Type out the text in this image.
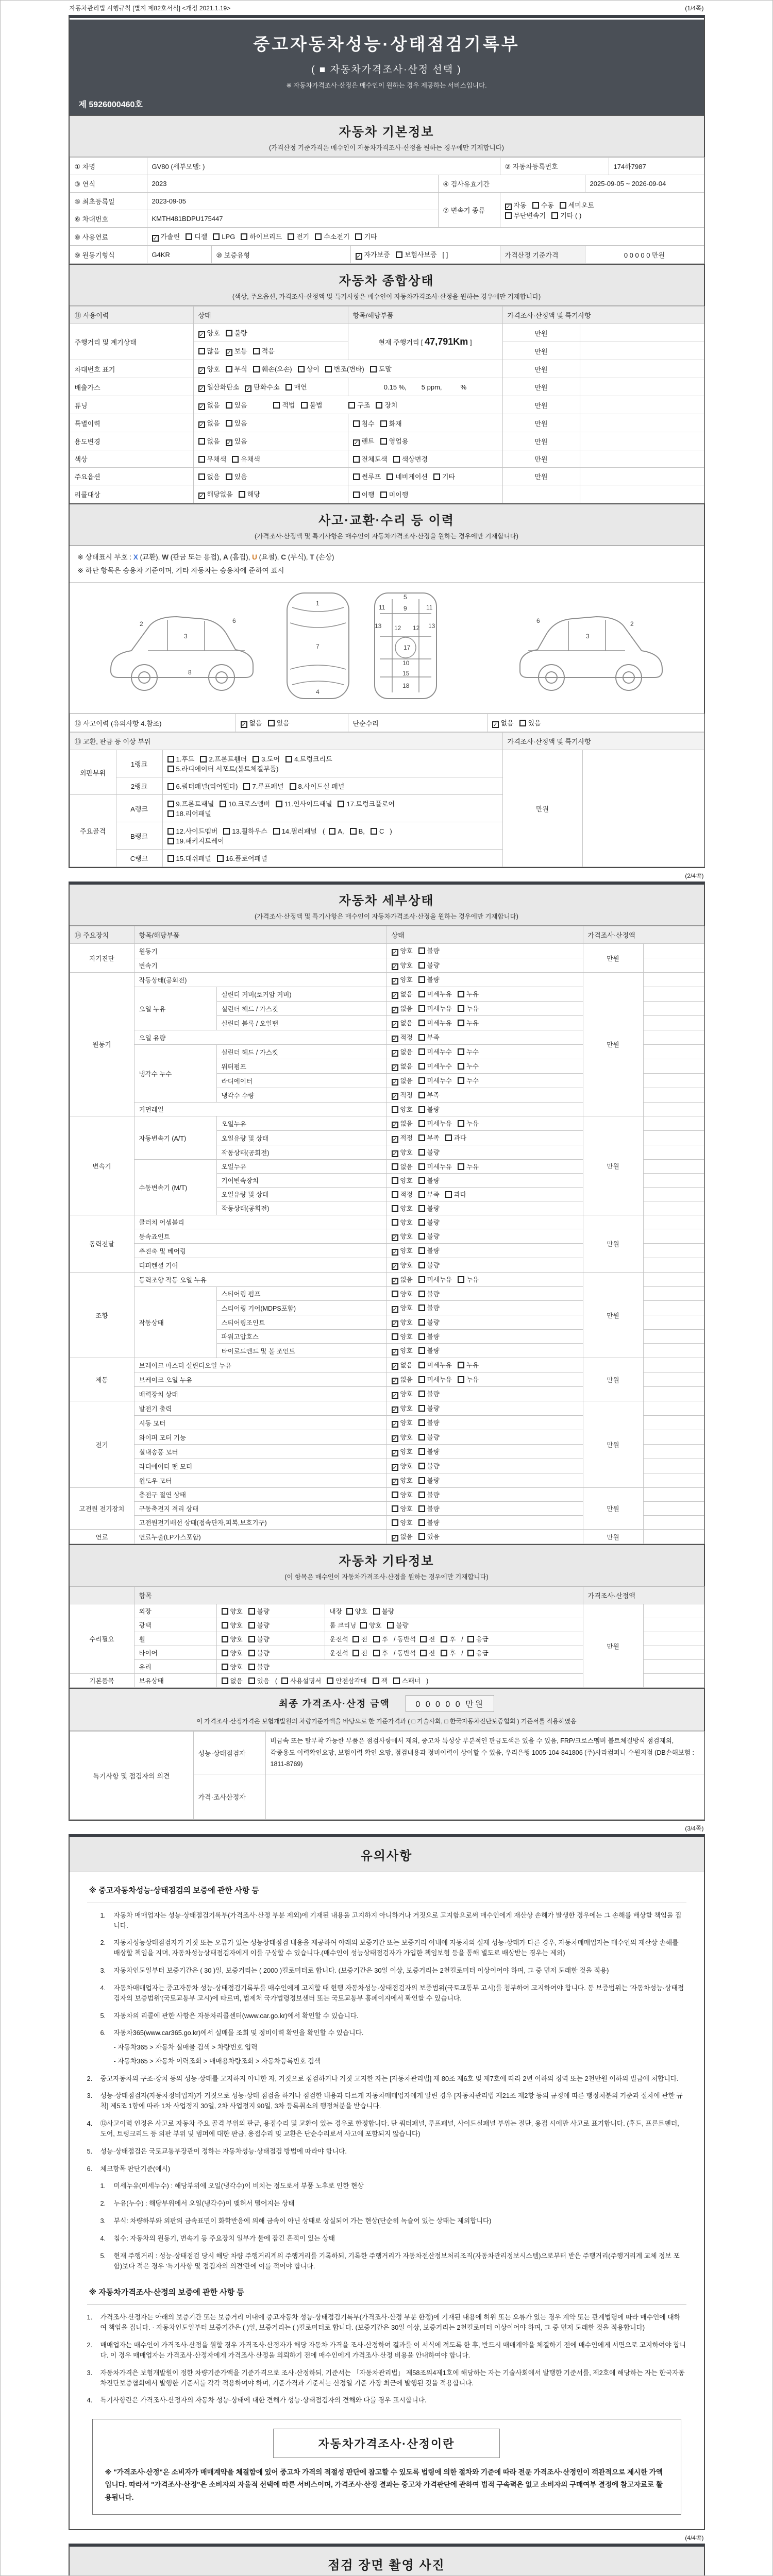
자동차관리법 시행규칙 [별지 제82호서식] <개정 2021.1.19>	(1/4쪽)
중고자동차성능·상태점검기록부
( ■ 자동차가격조사·산정 선택 )
※ 자동차가격조사·산정은 매수인이 원하는 경우 제공하는 서비스입니다.
제 5926000460호
자동차 기본정보
(가격산정 기준가격은 매수인이 자동차가격조사·산정을 원하는 경우에만 기재합니다)
① 차명	GV80 (세부모델: )				② 자동차등록번호		174하7987
③ 연식	2023			④ 검사유효기간		2025-09-05 ~ 2026-09-04	
⑤ 최초등록일	2023-09-05			⑦ 변속기 종류	✓자동 수동 세미오토
무단변속기 기타 ( )
⑥ 차대번호	KMTH481BDPU175447						
⑧ 사용연료	✓가솔린 디젤 LPG 하이브리드 전기 수소전기 기타
⑨ 원동기형식	G4KR	⑩ 보증유형	✓자가보증 보험사보증 [ ]		가격산정 기준가격	0 0 0 0 0 만원	
자동차 종합상태
(색상, 주요옵션, 가격조사·산정액 및 특기사항은 매수인이 자동차가격조사·산정을 원하는 경우에만 기재합니다)
⑪ 사용이력	상태	항목/해당부품	가격조사·산정액 및 특기사항	
주행거리 및 계기상태	✓양호 불량	현재 주행거리 [ 47,791Km ]	만원	
	많음 ✓ 보통 적음		만원	
차대번호 표기	✓양호 부식 훼손(오손) 상이 변조(변타) 도말		만원	
배출가스	✓일산화탄소 ✓ 탄화수소 매연	0.15 %,        5 ppm,          %	만원	
튜닝	✓없음 있음 적법 불법 구조 장치		만원	
특별이력	✓없음 있음	침수 화재	만원	
용도변경	없음 ✓ 있음	✓렌트 영업용	만원	
색상	무채색 유채색	전체도색 색상변경	만원	
주요옵션	없음 있음	썬루프 네비게이션 기타	만원	
리콜대상	✓해당없음 해당	이행 미이행		
사고·교환·수리 등 이력
(가격조사·산정액 및 특기사항은 매수인이 자동차가격조사·산정을 원하는 경우에만 기재합니다)
※ 상태표시 부호 : X (교환), W (판금 또는 용접), A (흠집), U (요철), C (부식), T (손상)
※ 하단 항목은 승용차 기준이며, 기타 자동차는 승용차에 준하여 표시
2
3
6
8
1
7
4
5
11	11
9
13	13
12 12
17
10
15
18
2
3
6
⑫ 사고이력 (유의사항 4.참조)	✓없음 있음	단순수리	✓없음 있음
⑬ 교환, 판금 등 이상 부위			가격조사·산정액 및 특기사항	
외판부위	1랭크	1.후드 2.프론트휀더 3.도어 4.트렁크리드
5.라디에이터 서포트(볼트체결부품)	만원	
	2랭크	6.쿼터패널(리어휀다) 7.루프패널 8.사이드실 패널		
주요골격	A랭크	9.프론트패널 10.크로스멤버 11.인사이드패널 17.트렁크플로어
18.리어패널		
	B랭크	12.사이드멤버 13.휠하우스 14.필러패널 ( A, B, C )
19.패키지트레이		
	C랭크	15.대쉬패널 16.플로어패널		
(2/4쪽)
자동차 세부상태
(가격조사·산정액 및 특기사항은 매수인이 자동차가격조사·산정을 원하는 경우에만 기재합니다)
⑭ 주요장치	항목/해당부품		상태	가격조사·산정액	
자기진단	원동기	✓양호 불량	만원	
	변속기	✓양호 불량	
원동기	작동상태(공회전)	✓양호 불량	만원	
	오일 누유	실린더 커버(로커암 커버)	✓없음 미세누유 누유	
		실린더 헤드 / 가스킷	✓없음 미세누유 누유	
		실린더 블록 / 오일팬	✓없음 미세누유 누유	
	오일 유량	✓적정 부족	
	냉각수 누수	실린더 헤드 / 가스킷	✓없음 미세누수 누수	
		워터펌프	✓없음 미세누수 누수	
		라디에이터	✓없음 미세누수 누수	
		냉각수 수량	✓적정 부족	
	커먼레일		양호 불량		
변속기	자동변속기 (A/T)	오일누유	✓없음 미세누유 누유	만원	
		오일유량 및 상태	✓적정 부족 과다	
		작동상태(공회전)	✓양호 불량	
	수동변속기 (M/T)	오일누유	없음 미세누유 누유		
		기어변속장치	양호 불량		
		오일유량 및 상태	적정 부족 과다		
		작동상태(공회전)	양호 불량		
동력전달	클러치 어셈블리		양호 불량	만원	
	등속죠인트	✓양호 불량	
	추진축 및 베어링	✓양호 불량	
	디퍼렌셜 기어	✓양호 불량	
조향	동력조향 작동 오일 누유	✓없음 미세누유 누유	만원	
	작동상태	스티어링 펌프	양호 불량		
		스티어링 기어(MDPS포함)	✓양호 불량	
		스티어링조인트	✓양호 불량	
		파워고압호스	양호 불량		
		타이로드엔드 및 볼 조인트	✓양호 불량	
제동	브레이크 마스터 실린더오일 누유	✓없음 미세누유 누유	만원	
	브레이크 오일 누유	✓없음 미세누유 누유	
	배력장치 상태	✓양호 불량	
전기	발전기 출력	✓양호 불량	만원	
	시동 모터	✓양호 불량	
	와이퍼 모터 기능	✓양호 불량	
	실내송풍 모터	✓양호 불량	
	라디에이터 팬 모터	✓양호 불량	
	윈도우 모터	✓양호 불량	
고전원 전기장치	충전구 절연 상태		양호 불량	만원	
	구동축전지 격리 상태		양호 불량		
	고전원전기배선 상태(접속단자,피복,보호기구)		양호 불량		
연료	연료누출(LP가스포함)	✓없음 있음	만원	
자동차 기타정보
(이 항목은 매수인이 자동차가격조사·산정을 원하는 경우에만 기재합니다)
	항목			가격조사·산정액	
수리필요	외장	양호 불량	내장 양호 불량	만원	
	광택	양호 불량	룸 크리닝 양호 불량		
	휠	양호 불량	운전석 전 후 / 동반석 전 후 / 응급		
	타이어	양호 불량	운전석 전 후 / 동반석 전 후 / 응급		
	유리	양호 불량			
기본품목	보유상태	없음 있음 ( 사용설명서 안전삼각대 잭 스패너 )			
최종 가격조사·산정 금액	0 0 0 0 0 만원
이 가격조사·산정가격은 보험개발원의 차량기준가액을 바탕으로 한 기준가격과 ( □ 기술사회, □ 한국자동차진단보증협회 ) 기준서를 적용하였음
특기사항 및 점검자의 의견	성능·상태점검자	비금속 또는 탈부착 가능한 부품은 점검사항에서 제외, 중고차 특성상 부분적인 판금도색은 있을 수 있음, FRP/크로스멤버 볼트체결방식 점검제외, 각종용도 이력확인요망, 보험이력 확인 요망, 점검내용과 정비이력이 상이할 수 있음, 우리은행 1005-104-841806 (주)사라컴퍼니 수원지점 (DB손해보험 : 1811-8769)
	가격·조사산정자	
(3/4쪽)
유의사항
※ 중고자동차성능·상태점검의 보증에 관한 사항 등
1.	자동차 매매업자는 성능·상태점검기록부(가격조사·산정 부분 제외)에 기재된 내용을 고지하지 아니하거나 거짓으로 고지함으로써 매수인에게 재산상 손해가 발생한 경우에는 그 손해를 배상할 책임을 집니다.
2.	자동차성능상태점검자가 거짓 또는 오류가 있는 성능상태점검 내용을 제공하여 아래의 보증기간 또는 보증거리 이내에 자동차의 실제 성능·상태가 다른 경우, 자동차매매업자는 매수인의 재산상 손해를 배상할 책임을 지며, 자동차성능상태점검자에게 이를 구상할 수 있습니다.(매수인이 성능상태점검자가 가입한 책임보험 등을 통해 별도로 배상받는 경우는 제외)
3.	자동차인도일부터 보증기간은 ( 30 )일, 보증거리는 ( 2000 )킬로미터로 합니다. (보증기간은 30일 이상, 보증거리는 2천킬로미터 이상이어야 하며, 그 중 먼저 도래한 것을 적용)
4.	자동차매매업자는 중고자동차 성능·상태점검기록부를 매수인에게 고지할 때 현행 자동차성능·상태점검자의 보증범위(국토교통부 고시)를 첨부하여 고지하여야 합니다. 동 보증범위는 '자동차성능·상태점검자의 보증범위'(국토교통부 고시)에 따르며, 법제처 국가법령정보센터 또는 국토교통부 홈페이지에서 확인할 수 있습니다.
5.	자동차의 리콜에 관한 사항은 자동차리콜센터(www.car.go.kr)에서 확인할 수 있습니다.
6.	자동차365(www.car365.go.kr)에서 실매물 조회 및 정비이력 확인을 확인할 수 있습니다.
- 자동차365 > 자동차 실매물 검색 > 차량번호 입력
- 자동차365 > 자동차 이력조회 > 매매용차량조회 > 자동차등록번호 검색
2.	중고자동차의 구조·장치 등의 성능·상태를 고지하지 아니한 자, 거짓으로 점검하거나 거짓 고지한 자는 [자동차관리법] 제 80조 제6호 및 제7호에 따라 2년 이하의 징역 또는 2천만원 이하의 벌금에 처합니다.
3.	성능·상태점검자(자동차정비업자)가 거짓으로 성능·상태 점검을 하거나 점검한 내용과 다르게 자동차매매업자에게 알린 경우 [자동차관리법 제21조 제2항 등의 규정에 따른 행정처분의 기준과 절차에 관한 규칙] 제5조 1항에 따라 1차 사업정지 30일, 2차 사업정지 90일, 3차 등록취소의 행정처분을 받습니다.
4.	⑫사고이력 인정은 사고로 자동차 주요 골격 부위의 판금, 용접수리 및 교환이 있는 경우로 한정합니다. 단 쿼터패널, 루프패널, 사이드실패널 부위는 절단, 용접 시에만 사고로 표기합니다. (후드, 프론트펜더, 도어, 트렁크리드 등 외판 부위 및 범퍼에 대한 판금, 용접수리 및 교환은 단순수리로서 사고에 포함되지 않습니다)
5.	성능·상태점검은 국토교통부장관이 정하는 자동차성능·상태점검 방법에 따라야 합니다.
6.	체크항목 판단기준(예시)
1.	미세누유(미세누수) : 해당부위에 오일(냉각수)이 비치는 정도로서 부품 노후로 인한 현상
2.	누유(누수) : 해당부위에서 오일(냉각수)이 맺혀서 떨어지는 상태
3.	부식: 차량하부와 외판의 금속표면이 화학반응에 의해 금속이 아닌 상태로 상실되어 가는 현상(단순히 녹슬어 있는 상태는 제외합니다)
4.	침수: 자동차의 원동기, 변속기 등 주요장치 일부가 물에 잠긴 흔적이 있는 상태
5.	현재 주행거리 : 성능·상태점검 당시 해당 차량 주행거리계의 주행거리를 기록하되, 기록한 주행거리가 자동차전산정보처리조직(자동차관리정보시스템)으로부터 받은 주행거리(주행거리계 교체 정보 포함)보다 적은 경우 '특기사항 및 점검자의 의견'란에 이를 적어야 합니다.
※ 자동차가격조사·산정의 보증에 관한 사항 등
1.	가격조사·산정자는 아래의 보증기간 또는 보증거리 이내에 중고자동차 성능·상태점검기록부(가격조사·산정 부분 한정)에 기재된 내용에 허위 또는 오류가 있는 경우 계약 또는 관계법령에 따라 매수인에 대하여 책임을 집니다. · 자동차인도일부터 보증기간은 ( )일, 보증거리는 ( )킬로미터로 합니다. (보증기간은 30일 이상, 보증거리는 2천킬로미터 이상이어야 하며, 그 중 먼저 도래한 것을 적용합니다)
2.	매매업자는 매수인이 가격조사·산정을 원할 경우 가격조사·산정자가 해당 자동차 가격을 조사·산정하여 결과를 이 서식에 적도록 한 후, 반드시 매매계약을 체결하기 전에 매수인에게 서면으로 고지하여야 합니다. 이 경우 매매업자는 가격조사·산정자에게 가격조사·산정을 의뢰하기 전에 매수인에게 가격조사·산정 비용을 안내하여야 합니다.
3.	자동차가격은 보험개발원이 정한 차량기준가액을 기준가격으로 조사·산정하되, 기준서는 「자동차관리법」 제58조의4제1호에 해당하는 자는 기술사회에서 발행한 기준서를, 제2호에 해당하는 자는 한국자동차진단보증협회에서 발행한 기준서를 각각 적용하여야 하며, 기준가격과 기준서는 산정일 기준 가장 최근에 발행된 것을 적용합니다.
4.	특기사항란은 가격조사·산정자의 자동차 성능·상태에 대한 견해가 성능·상태점검자의 견해와 다를 경우 표시합니다.
자동차가격조사·산정이란
※ "가격조사·산정"은 소비자가 매매계약을 체결함에 있어 중고차 가격의 적절성 판단에 참고할 수 있도록 법령에 의한 절차와 기준에 따라 전문 가격조사·산정인이 객관적으로 제시한 가액입니다. 따라서 "가격조사·산정"은 소비자의 자율적 선택에 따른 서비스이며, 가격조사·산정 결과는 중고차 가격판단에 관하여 법적 구속력은 없고 소비자의 구매여부 결정에 참고자료로 활용됩니다.
(4/4쪽)
점검 장면 촬영 사진
